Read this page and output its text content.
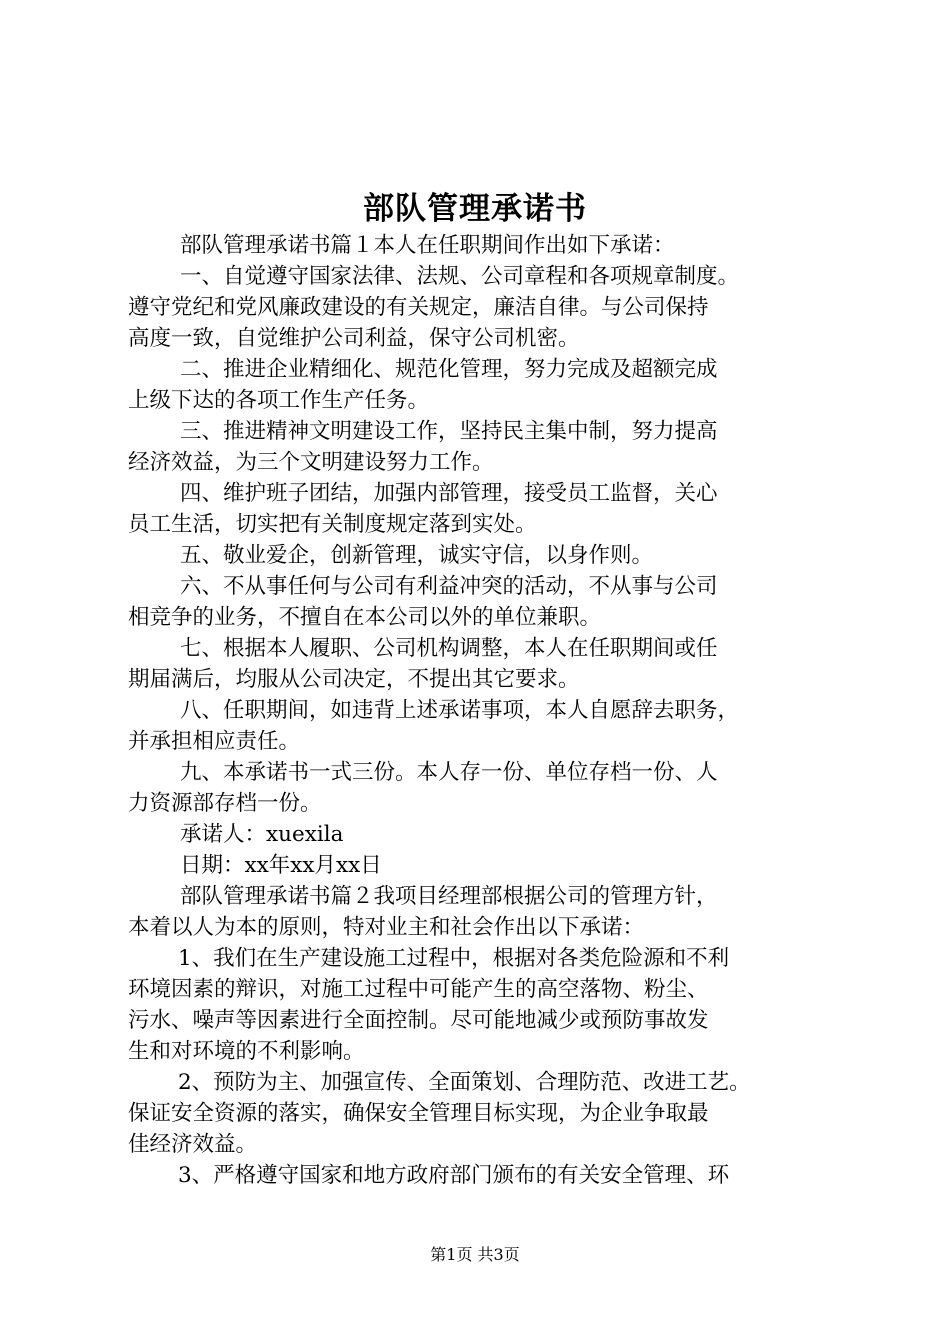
部队管理承诺书
部队管理承诺书篇１本人在任职期间作出如下承诺：
一、自觉遵守国家法律、法规、公司章程和各项规章制度。
遵守党纪和党风廉政建设的有关规定，廉洁自律。与公司保持
高度一致，自觉维护公司利益，保守公司机密。
二、推进企业精细化、规范化管理，努力完成及超额完成
上级下达的各项工作生产任务。
三、推进精神文明建设工作，坚持民主集中制，努力提高
经济效益，为三个文明建设努力工作。
四、维护班子团结，加强内部管理，接受员工监督，关心
员工生活，切实把有关制度规定落到实处。
五、敬业爱企，创新管理，诚实守信，以身作则。
六、不从事任何与公司有利益冲突的活动，不从事与公司
相竞争的业务，不擅自在本公司以外的单位兼职。
七、根据本人履职、公司机构调整，本人在任职期间或任
期届满后，均服从公司决定，不提出其它要求。
八、任职期间，如违背上述承诺事项，本人自愿辞去职务，
并承担相应责任。
九、本承诺书一式三份。本人存一份、单位存档一份、人
力资源部存档一份。
承诺人：xuexila
日期：xx年xx月xx日
部队管理承诺书篇２我项目经理部根据公司的管理方针，
本着以人为本的原则，特对业主和社会作出以下承诺：
1、我们在生产建设施工过程中，根据对各类危险源和不利
环境因素的辩识，对施工过程中可能产生的高空落物、粉尘、
污水、噪声等因素进行全面控制。尽可能地减少或预防事故发
生和对环境的不利影响。
2、预防为主、加强宣传、全面策划、合理防范、改进工艺。
保证安全资源的落实，确保安全管理目标实现，为企业争取最
佳经济效益。
3、严格遵守国家和地方政府部门颁布的有关安全管理、环
第1页 共3页
